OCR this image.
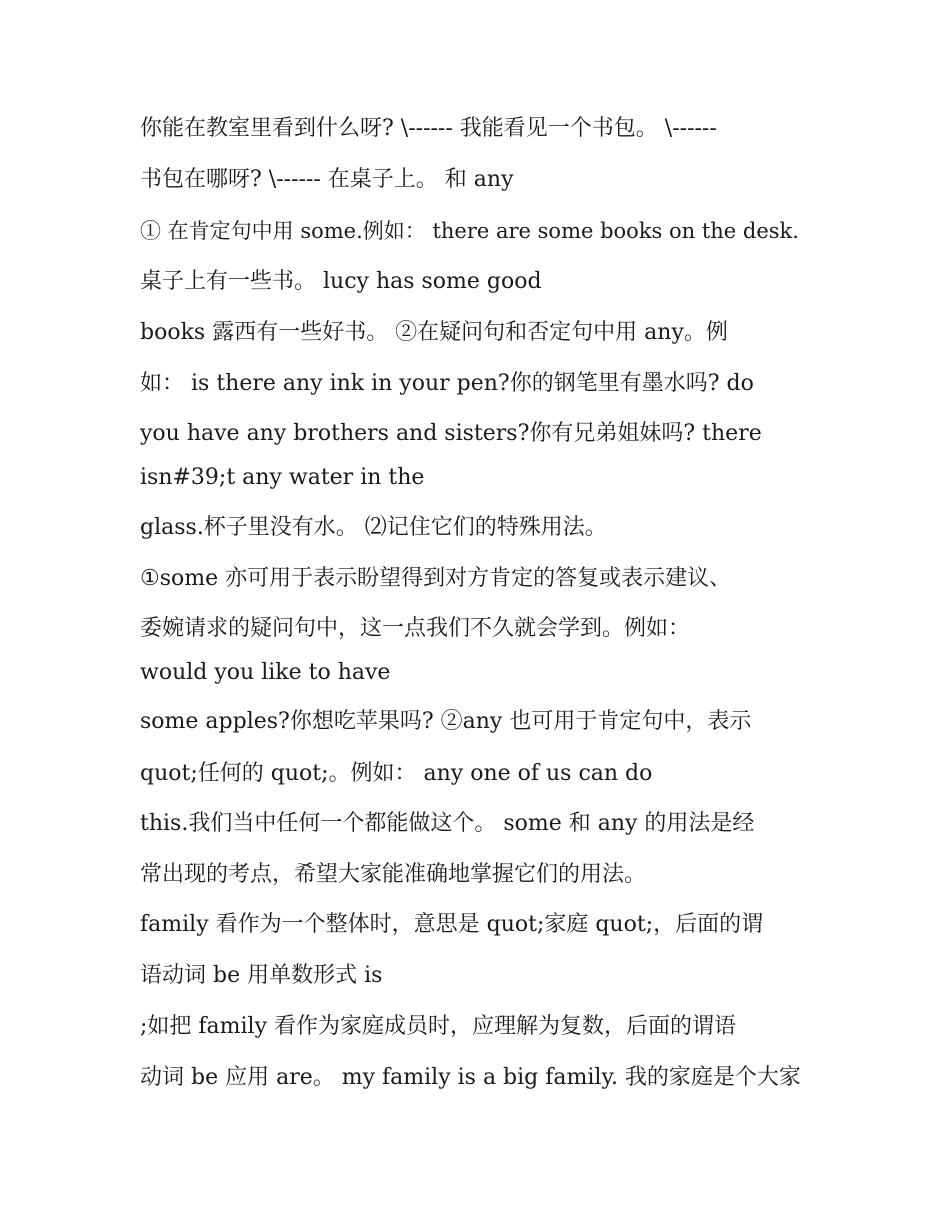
你能在教室里看到什么呀? \------ 我能看见一个书包。 \------
书包在哪呀? \------ 在桌子上。 和 any
① 在肯定句中用 some.例如： there are some books on the desk.
桌子上有一些书。 lucy has some good
books 露西有一些好书。 ②在疑问句和否定句中用 any。例
如： is there any ink in your pen?你的钢笔里有墨水吗? do
you have any brothers and sisters?你有兄弟姐妹吗? there
isn#39;t any water in the
glass.杯子里没有水。 ⑵记住它们的特殊用法。
①some 亦可用于表示盼望得到对方肯定的答复或表示建议、
委婉请求的疑问句中，这一点我们不久就会学到。例如：
would you like to have
some apples?你想吃苹果吗? ②any 也可用于肯定句中，表示
quot;任何的 quot;。例如： any one of us can do
this.我们当中任何一个都能做这个。 some 和 any 的用法是经
常出现的考点，希望大家能准确地掌握它们的用法。
family 看作为一个整体时，意思是 quot;家庭 quot;，后面的谓
语动词 be 用单数形式 is
;如把 family 看作为家庭成员时，应理解为复数，后面的谓语
动词 be 应用 are。 my family is a big family. 我的家庭是个大家
